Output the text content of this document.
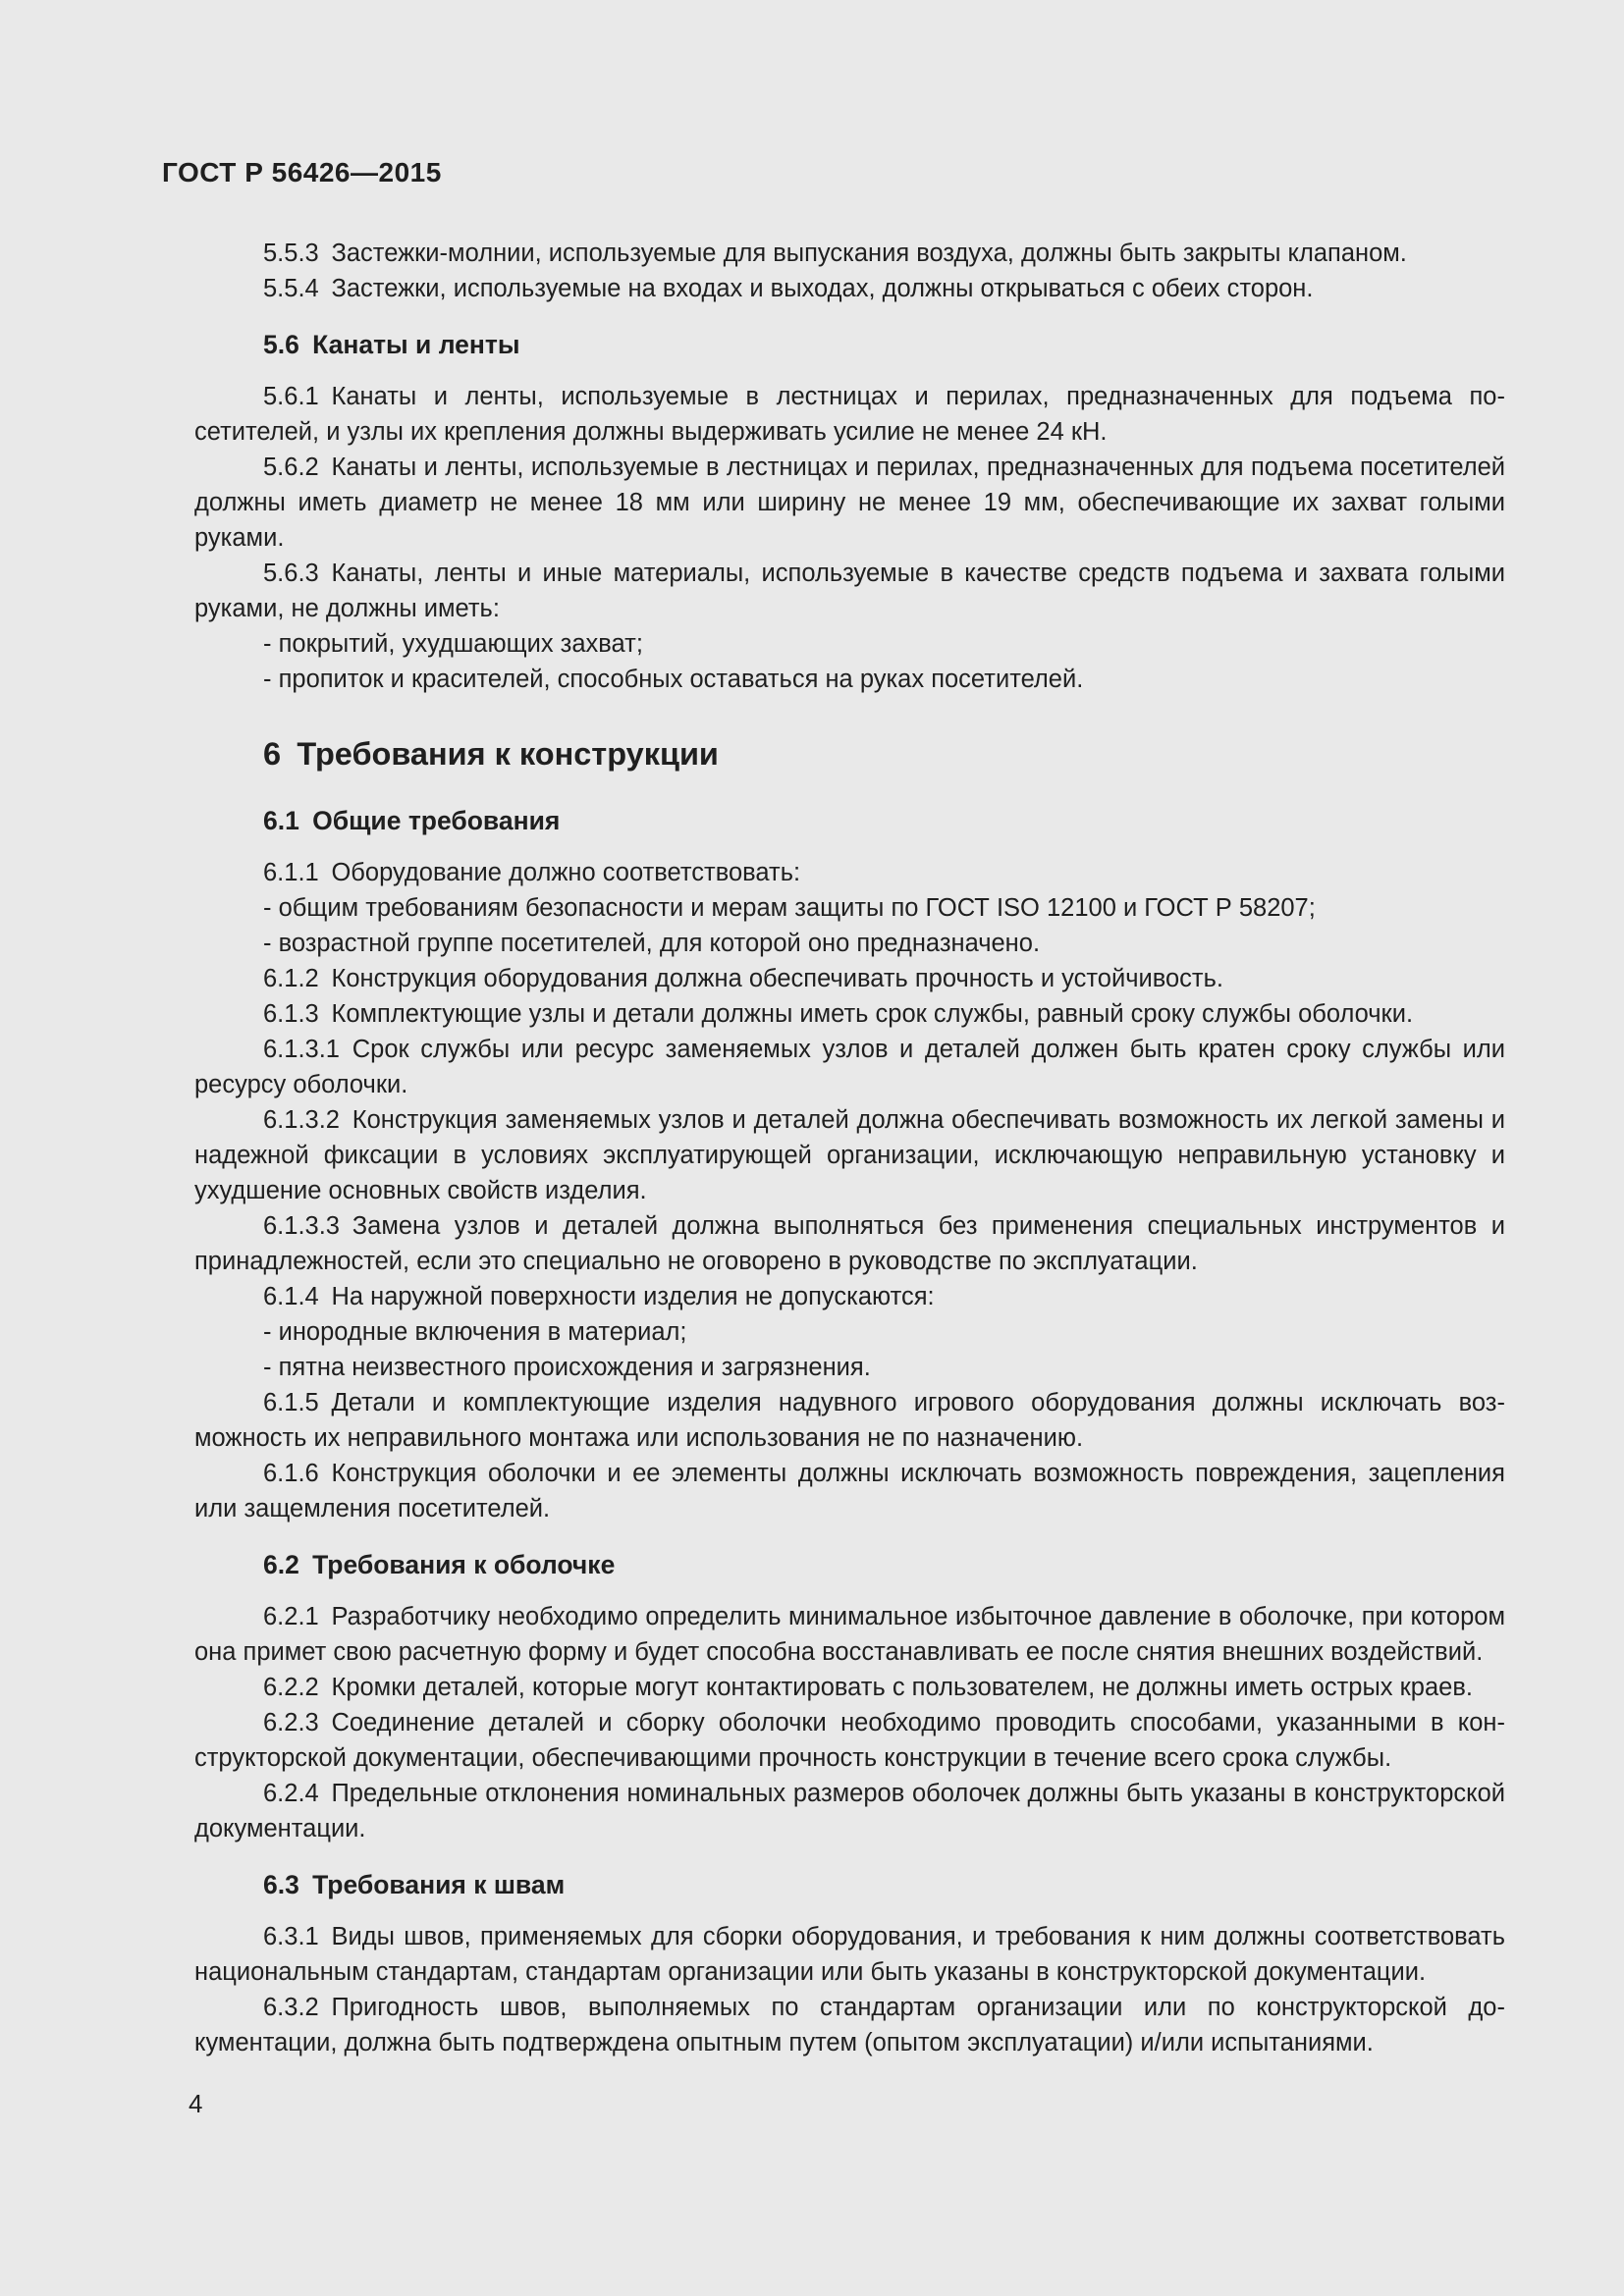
ГОСТ Р 56426—2015
5.5.3 Застежки-молнии, используемые для выпускания воздуха, должны быть закрыты клапаном.
5.5.4 Застежки, используемые на входах и выходах, должны открываться с обеих сторон.
5.6 Канаты и ленты
5.6.1 Канаты и ленты, используемые в лестницах и перилах, предназначенных для подъема посетителей, и узлы их крепления должны выдерживать усилие не менее 24 кН.
5.6.2 Канаты и ленты, используемые в лестницах и перилах, предназначенных для подъема посетителей должны иметь диаметр не менее 18 мм или ширину не менее 19 мм, обеспечивающие их захват голыми руками.
5.6.3 Канаты, ленты и иные материалы, используемые в качестве средств подъема и захвата голыми руками, не должны иметь:
- покрытий, ухудшающих захват;
- пропиток и красителей, способных оставаться на руках посетителей.
6 Требования к конструкции
6.1 Общие требования
6.1.1 Оборудование должно соответствовать:
- общим требованиям безопасности и мерам защиты по ГОСТ ISO 12100 и ГОСТ Р 58207;
- возрастной группе посетителей, для которой оно предназначено.
6.1.2 Конструкция оборудования должна обеспечивать прочность и устойчивость.
6.1.3 Комплектующие узлы и детали должны иметь срок службы, равный сроку службы оболочки.
6.1.3.1 Срок службы или ресурс заменяемых узлов и деталей должен быть кратен сроку службы или ресурсу оболочки.
6.1.3.2 Конструкция заменяемых узлов и деталей должна обеспечивать возможность их легкой замены и надежной фиксации в условиях эксплуатирующей организации, исключающую неправильную установку и ухудшение основных свойств изделия.
6.1.3.3 Замена узлов и деталей должна выполняться без применения специальных инструментов и принадлежностей, если это специально не оговорено в руководстве по эксплуатации.
6.1.4 На наружной поверхности изделия не допускаются:
- инородные включения в материал;
- пятна неизвестного происхождения и загрязнения.
6.1.5 Детали и комплектующие изделия надувного игрового оборудования должны исключать возможность их неправильного монтажа или использования не по назначению.
6.1.6 Конструкция оболочки и ее элементы должны исключать возможность повреждения, зацепления или защемления посетителей.
6.2 Требования к оболочке
6.2.1 Разработчику необходимо определить минимальное избыточное давление в оболочке, при котором она примет свою расчетную форму и будет способна восстанавливать ее после снятия внешних воздействий.
6.2.2 Кромки деталей, которые могут контактировать с пользователем, не должны иметь острых краев.
6.2.3 Соединение деталей и сборку оболочки необходимо проводить способами, указанными в конструкторской документации, обеспечивающими прочность конструкции в течение всего срока службы.
6.2.4 Предельные отклонения номинальных размеров оболочек должны быть указаны в конструкторской документации.
6.3 Требования к швам
6.3.1 Виды швов, применяемых для сборки оборудования, и требования к ним должны соответствовать национальным стандартам, стандартам организации или быть указаны в конструкторской документации.
6.3.2 Пригодность швов, выполняемых по стандартам организации или по конструкторской документации, должна быть подтверждена опытным путем (опытом эксплуатации) и/или испытаниями.
4
